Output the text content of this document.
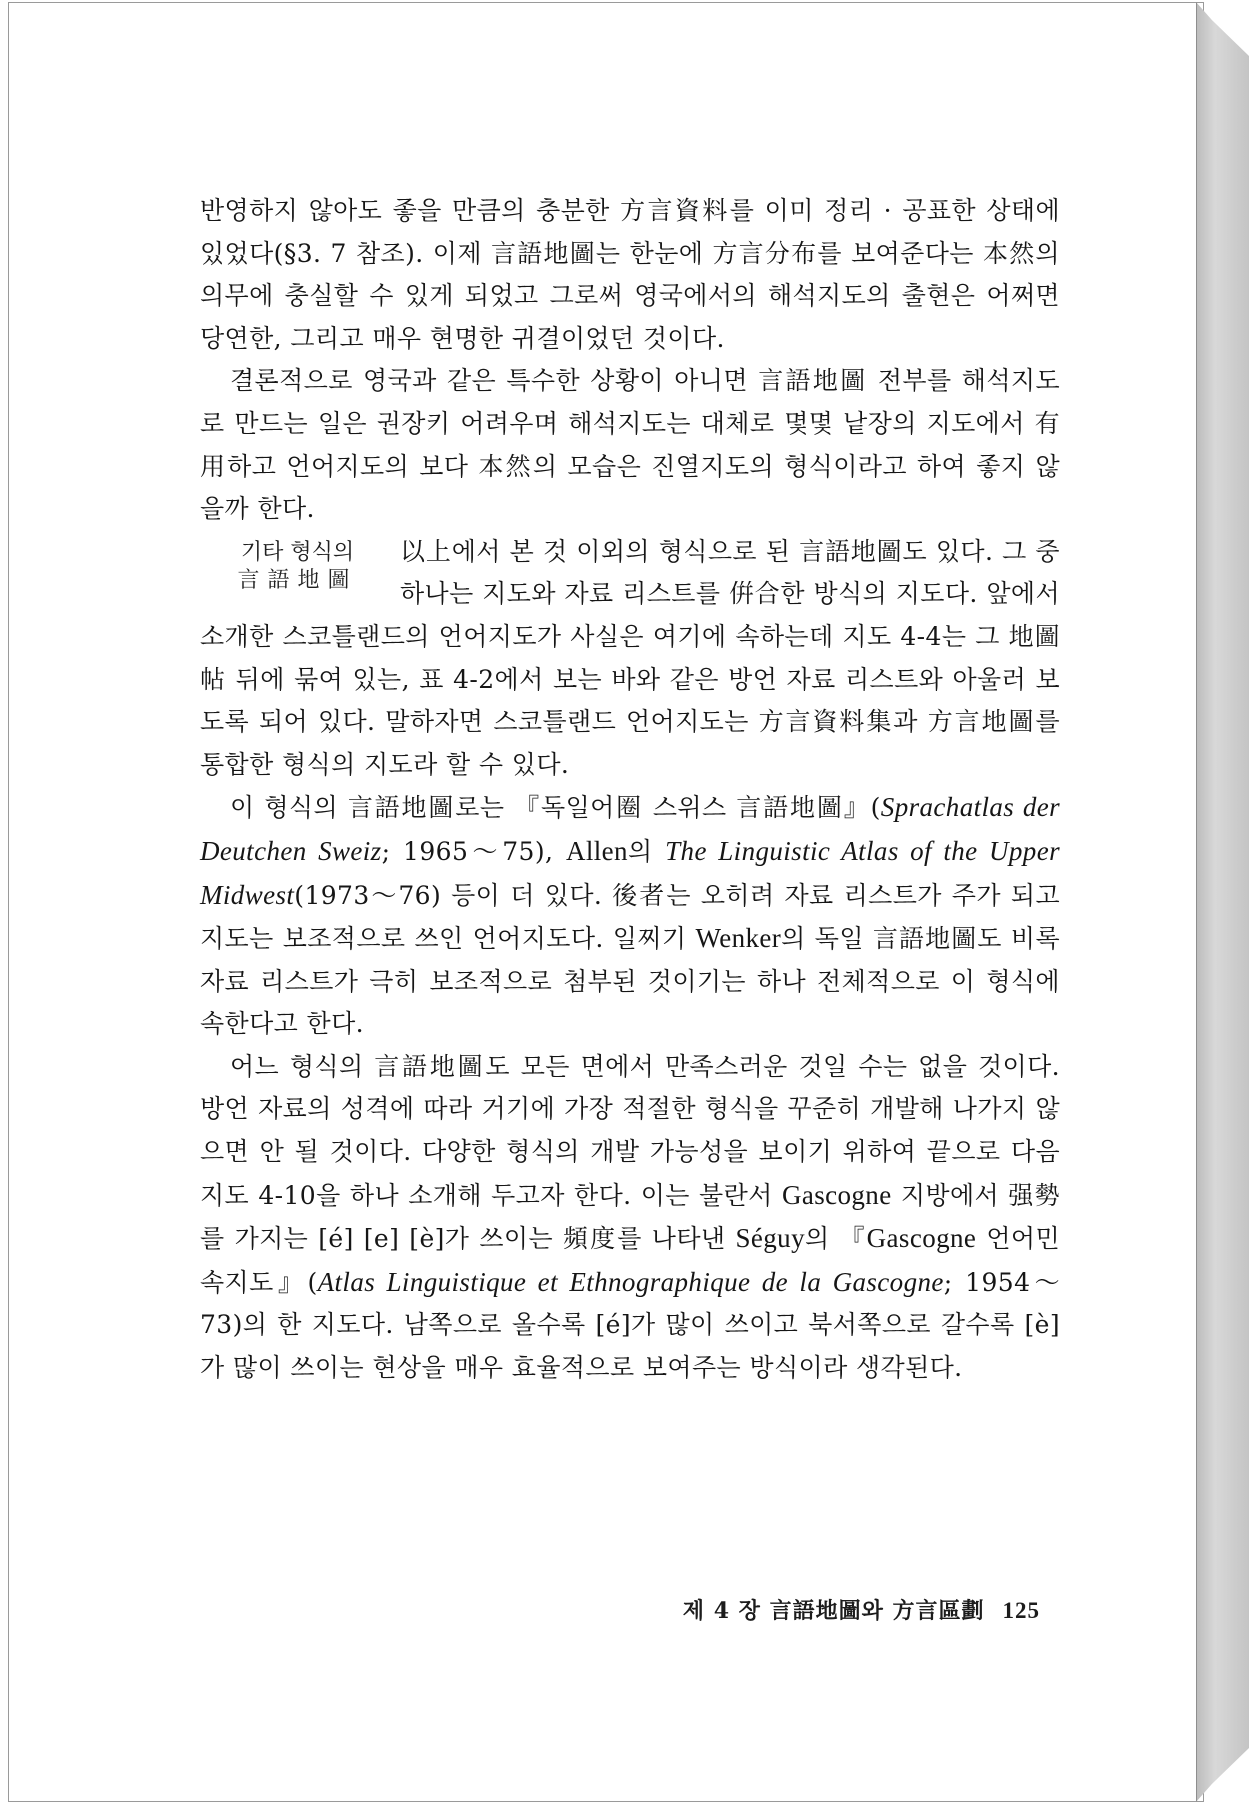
반영하지 않아도 좋을 만큼의 충분한 方言資料를 이미 정리 · 공표한 상태에 있었다(§3. 7 참조). 이제 言語地圖는 한눈에 方言分布를 보여준다는 本然의 의무에 충실할 수 있게 되었고 그로써 영국에서의 해석지도의 출현은 어쩌면 당연한, 그리고 매우 현명한 귀결이었던 것이다.

결론적으로 영국과 같은 특수한 상황이 아니면 言語地圖 전부를 해석지도로 만드는 일은 권장키 어려우며 해석지도는 대체로 몇몇 낱장의 지도에서 有用하고 언어지도의 보다 本然의 모습은 진열지도의 형식이라고 하여 좋지 않을까 한다.

기타 형식의
言語地圖

以上에서 본 것 이외의 형식으로 된 言語地圖도 있다. 그 중 하나는 지도와 자료 리스트를 倂合한 방식의 지도다. 앞에서 소개한 스코틀랜드의 언어지도가 사실은 여기에 속하는데 지도 4-4는 그 地圖帖 뒤에 묶여 있는, 표 4-2에서 보는 바와 같은 방언 자료 리스트와 아울러 보도록 되어 있다. 말하자면 스코틀랜드 언어지도는 方言資料集과 方言地圖를 통합한 형식의 지도라 할 수 있다.

이 형식의 言語地圖로는 『독일어圈 스위스 言語地圖』(Sprachatlas der Deutchen Sweiz; 1965～75), Allen의 The Linguistic Atlas of the Upper Midwest(1973～76) 등이 더 있다. 後者는 오히려 자료 리스트가 주가 되고 지도는 보조적으로 쓰인 언어지도다. 일찌기 Wenker의 독일 言語地圖도 비록 자료 리스트가 극히 보조적으로 첨부된 것이기는 하나 전체적으로 이 형식에 속한다고 한다.

어느 형식의 言語地圖도 모든 면에서 만족스러운 것일 수는 없을 것이다. 방언 자료의 성격에 따라 거기에 가장 적절한 형식을 꾸준히 개발해 나가지 않으면 안 될 것이다. 다양한 형식의 개발 가능성을 보이기 위하여 끝으로 다음 지도 4-10을 하나 소개해 두고자 한다. 이는 불란서 Gascogne 지방에서 强勢를 가지는 [é] [e] [è]가 쓰이는 頻度를 나타낸 Séguy의 『Gascogne 언어민속지도』(Atlas Linguistique et Ethnographique de la Gascogne; 1954～73)의 한 지도다. 남쪽으로 올수록 [é]가 많이 쓰이고 북서쪽으로 갈수록 [è]가 많이 쓰이는 현상을 매우 효율적으로 보여주는 방식이라 생각된다.

제 4 장 言語地圖와 方言區劃 125
